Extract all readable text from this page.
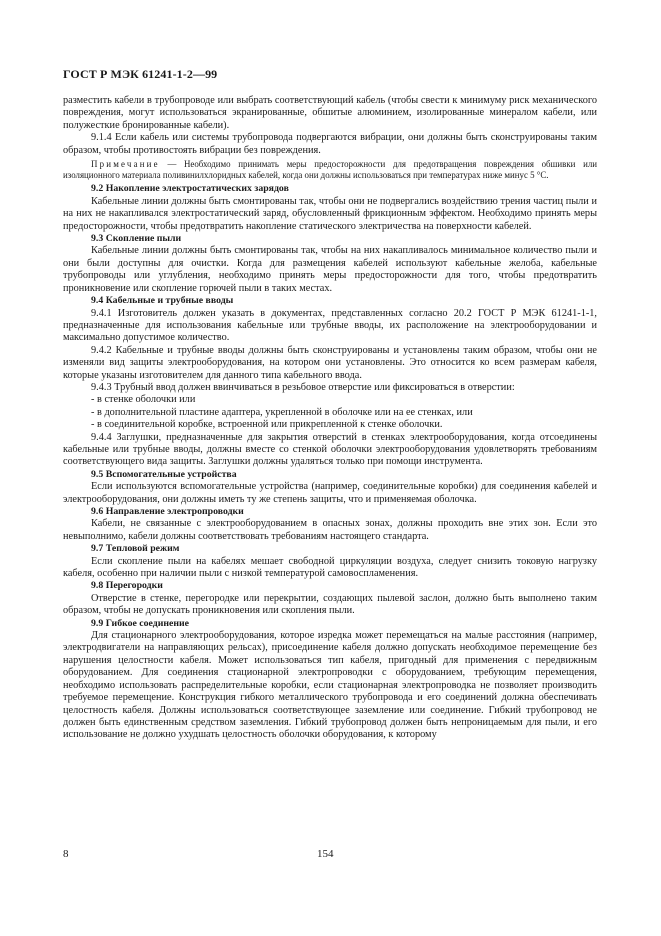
ГОСТ Р МЭК 61241-1-2—99

разместить кабели в трубопроводе или выбрать соответствующий кабель (чтобы свести к минимуму риск механического повреждения, могут использоваться экранированные, обшитые алюминием, изолированные минералом кабели, или полужесткие бронированные кабели).

9.1.4 Если кабель или системы трубопровода подвергаются вибрации, они должны быть сконструированы таким образом, чтобы противостоять вибрации без повреждения.

Примечание — Необходимо принимать меры предосторожности для предотвращения повреждения обшивки или изоляционного материала поливинилхлоридных кабелей, когда они должны использоваться при температурах ниже минус 5 °С.

9.2 Накопление электростатических зарядов

Кабельные линии должны быть смонтированы так, чтобы они не подвергались воздействию трения частиц пыли и на них не накапливался электростатический заряд, обусловленный фрикционным эффектом. Необходимо принять меры предосторожности, чтобы предотвратить накопление статического электричества на поверхности кабелей.

9.3 Скопление пыли

Кабельные линии должны быть смонтированы так, чтобы на них накапливалось минимальное количество пыли и они были доступны для очистки. Когда для размещения кабелей используют кабельные желоба, кабельные трубопроводы или углубления, необходимо принять меры предосторожности для того, чтобы предотвратить проникновение или скопление горючей пыли в таких местах.

9.4 Кабельные и трубные вводы

9.4.1 Изготовитель должен указать в документах, представленных согласно 20.2 ГОСТ Р МЭК 61241-1-1, предназначенные для использования кабельные или трубные вводы, их расположение на электрооборудовании и максимально допустимое количество.

9.4.2 Кабельные и трубные вводы должны быть сконструированы и установлены таким образом, чтобы они не изменяли вид защиты электрооборудования, на котором они установлены. Это относится ко всем размерам кабеля, которые указаны изготовителем для данного типа кабельного ввода.

9.4.3 Трубный ввод должен ввинчиваться в резьбовое отверстие или фиксироваться в отверстии:

- в стенке оболочки или

- в дополнительной пластине адаптера, укрепленной в оболочке или на ее стенках, или

- в соединительной коробке, встроенной или прикрепленной к стенке оболочки.

9.4.4 Заглушки, предназначенные для закрытия отверстий в стенках электрооборудования, когда отсоединены кабельные или трубные вводы, должны вместе со стенкой оболочки электрооборудования удовлетворять требованиям соответствующего вида защиты. Заглушки должны удаляться только при помощи инструмента.

9.5 Вспомогательные устройства

Если используются вспомогательные устройства (например, соединительные коробки) для соединения кабелей и электрооборудования, они должны иметь ту же степень защиты, что и применяемая оболочка.

9.6 Направление электропроводки

Кабели, не связанные с электрооборудованием в опасных зонах, должны проходить вне этих зон. Если это невыполнимо, кабели должны соответствовать требованиям настоящего стандарта.

9.7 Тепловой режим

Если скопление пыли на кабелях мешает свободной циркуляции воздуха, следует снизить токовую нагрузку кабеля, особенно при наличии пыли с низкой температурой самовоспламенения.

9.8 Перегородки

Отверстие в стенке, перегородке или перекрытии, создающих пылевой заслон, должно быть выполнено таким образом, чтобы не допускать проникновения или скопления пыли.

9.9 Гибкое соединение

Для стационарного электрооборудования, которое изредка может перемещаться на малые расстояния (например, электродвигатели на направляющих рельсах), присоединение кабеля должно допускать необходимое перемещение без нарушения целостности кабеля. Может использоваться тип кабеля, пригодный для применения с передвижным оборудованием. Для соединения стационарной электропроводки с оборудованием, требующим перемещения, необходимо использовать распределительные коробки, если стационарная электропроводка не позволяет производить требуемое перемещение. Конструкция гибкого металлического трубопровода и его соединений должна обеспечивать целостность кабеля. Должны использоваться соответствующее заземление или соединение. Гибкий трубопровод не должен быть единственным средством заземления. Гибкий трубопровод должен быть непроницаемым для пыли, и его использование не должно ухудшать целостность оболочки оборудования, к которому

8	154
